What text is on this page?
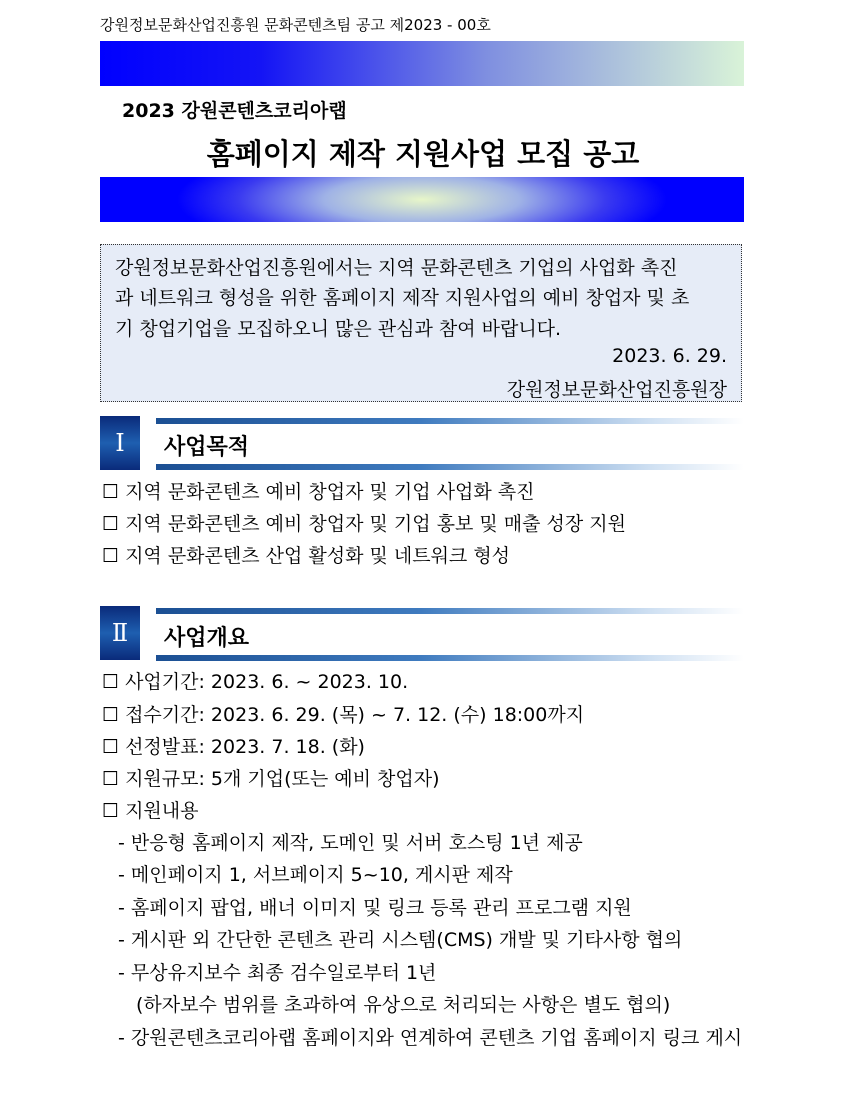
강원정보문화산업진흥원 문화콘텐츠팀 공고 제2023 - 00호
2023 강원콘텐츠코리아랩
홈페이지 제작 지원사업 모집 공고
강원정보문화산업진흥원에서는 지역 문화콘텐츠 기업의 사업화 촉진
과 네트워크 형성을 위한 홈페이지 제작 지원사업의 예비 창업자 및 초
기 창업기업을 모집하오니 많은 관심과 참여 바랍니다.
2023. 6. 29.
강원정보문화산업진흥원장
Ⅰ	사업목적
☐ 지역 문화콘텐츠 예비 창업자 및 기업 사업화 촉진
☐ 지역 문화콘텐츠 예비 창업자 및 기업 홍보 및 매출 성장 지원
☐ 지역 문화콘텐츠 산업 활성화 및 네트워크 형성
Ⅱ	사업개요
☐ 사업기간: 2023. 6. ~ 2023. 10.
☐ 접수기간: 2023. 6. 29. (목) ~ 7. 12. (수) 18:00까지
☐ 선정발표: 2023. 7. 18. (화)
☐ 지원규모: 5개 기업(또는 예비 창업자)
☐ 지원내용
- 반응형 홈페이지 제작, 도메인 및 서버 호스팅 1년 제공
- 메인페이지 1, 서브페이지 5~10, 게시판 제작
- 홈페이지 팝업, 배너 이미지 및 링크 등록 관리 프로그램 지원
- 게시판 외 간단한 콘텐츠 관리 시스템(CMS) 개발 및 기타사항 협의
- 무상유지보수 최종 검수일로부터 1년
(하자보수 범위를 초과하여 유상으로 처리되는 사항은 별도 협의)
- 강원콘텐츠코리아랩 홈페이지와 연계하여 콘텐츠 기업 홈페이지 링크 게시
